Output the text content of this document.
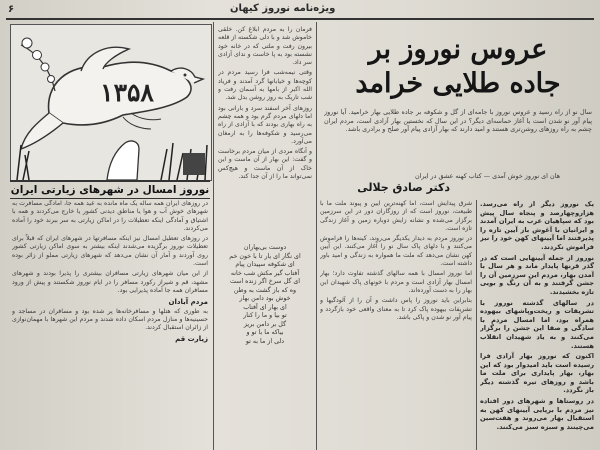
۶	ویژه‌نامه نوروز کیهان
۱۳۵۸
نوروز امسال در شهرهای زیارتی ایران

در روزهای ایران همه ساله یک ماه مانده به عید همه جا، آمادگی مسافرت به شهرهای خوش آب و هوا یا مناطق دیدنی کشور یا خارج می‌کردند و همه با اشتیاق و آمادگی اینکه تعطیلات را در اماکن زیارتی به سر ببرند خود را آماده می‌کردند.

در روزهای تعطیل امسال نیز اینکه مسافرتها در شهرهای ایران که قبلاً برای تعطیلات نوروز برگزیده می‌شدند اینکه بیشتر به سوی اماکن زیارتی کشور روی آوردند و آمار آن نشان می‌دهد که شهرهای زیارتی مملو از زائر بوده است.

از این میان شهرهای زیارتی مسافران بیشتری را پذیرا بودند و شهرهای مشهد، قم و شیراز رکورد مسافر را در ایام نوروز شکستند و پیش از ورود مسافران همه جا آماده پذیرایی بود.

مردم آبادان

به طوری که هتلها و مسافرخانه‌ها پر شده بود و مسافران در مساجد و حسینیه‌ها و منازل مردم اسکان داده شدند و مردم این شهرها با مهمان‌نوازی از زائران استقبال کردند.

زیارت قم

فرمان را به مردم ابلاغ کن. خلقی خاموش شد و با دلی شکسته از قلعه بیرون رفت و ملتی که در خانه خود نشسته بود به پا خاست و ندای آزادی سر داد.

وقتی نیمه‌شب فرا رسید مردم در کوچه‌ها و خیابانها گرد آمدند و فریاد الله اکبر از بامها به آسمان رفت و شب تاریک به روز روشن بدل شد.

روزهای آخر اسفند سرد و بارانی بود اما دلهای مردم گرم بود و همه چشم به راه بهاری بودند که با آزادی از راه می‌رسید و شکوفه‌ها را به ارمغان می‌آورد.

و آنگاه مردی از میان مردم برخاست و گفت: این بهار از آن ماست و این خاک از آن ماست و هیچ‌کس نمی‌تواند ما را از آن جدا کند.

دوست بی‌بهاران

ای نگار ای یار تا با خون خم

ای شکوفه سپیدان پیام

آفتاب گیر مکش شب خانه

ای گل سرخ اگر زنده است

وه که باز گشت به وطن

خوش بود دامن بهار

ای بهار ای آفتاب

تو بیا و ما را کنار

گل بر دامن بریز

بیاکه ما با تو و

دلی از ما به تو

عروس نوروز بر
جاده طلایی خرامد
سال نو از راه رسید و عروس نوروز با جامه‌ای از گل و شکوفه بر جاده طلایی بهار خرامید. آیا نوروز پیام آور نو شدن است یا آغاز حماسه‌ای دیگر؟ در این سال که نخستین بهار آزادی است، مردم ایران چشم به راه روزهای روشن‌تری هستند و امید دارند که بهار آزادی پیام آور صلح و برادری باشد.
هان ای نوروز خوش آمدی — کتاب کهنه عشق در ایران
دکتر صادق جلالی

شرق پیدایش است، اما کهنه‌ترین آیین و پیوند ملت ما با طبیعت، نوروز است که از روزگاران دور در این سرزمین برگزار می‌شده و نشانه زایش دوباره زمین و آغاز زندگی تازه است.

در نوروز مردم به دیدار یکدیگر می‌روند، کینه‌ها را فراموش می‌کنند و با دلهای پاک سال نو را آغاز می‌کنند. این آیین کهن نشان می‌دهد که ملت ما همواره به زندگی و امید باور داشته است.

اما نوروز امسال با همه سالهای گذشته تفاوت دارد؛ بهار امسال بهار آزادی است و مردم با خونهای پاک شهیدان این بهار را به دست آورده‌اند.

بنابراین باید نوروز را پاس داشت و آن را از آلودگیها و تشریفات بیهوده پاک کرد تا به معنای واقعی خود بازگردد و پیام آور نو شدن و پاکی باشد.

یک نوروز دیگر از راه می‌رسد. هزاروچهارصد و پنجاه سال پیش بود که سپاهیان عرب به ایران آمدند و ایرانیان با آغوش باز آیین تازه را پذیرفتند اما آیینهای کهن خود را نیز فراموش نکردند.

نوروز از جمله آیینهایی است که در گذر قرنها پایدار ماند و هر سال با آمدن بهار، مردم این سرزمین آن را جشن گرفتند و به آن رنگ و بویی تازه بخشیدند.

در سالهای گذشته نوروز با تشریفات و ریخت‌وپاشهای بیهوده همراه بود، اما امسال مردم با سادگی و صفا این جشن را برگزار می‌کنند و به یاد شهیدان انقلاب هستند.

اکنون که نوروز بهار آزادی فرا رسیده است باید امیدوار بود که این بهار، بهار پایداری برای ملت ما باشد و روزهای تیره گذشته دیگر باز نگردد.

در روستاها و شهرهای دور افتاده نیز مردم با برپایی آیینهای کهن به استقبال بهار می‌روند و هفت‌سین می‌چینند و سبزه سبز می‌کنند.
